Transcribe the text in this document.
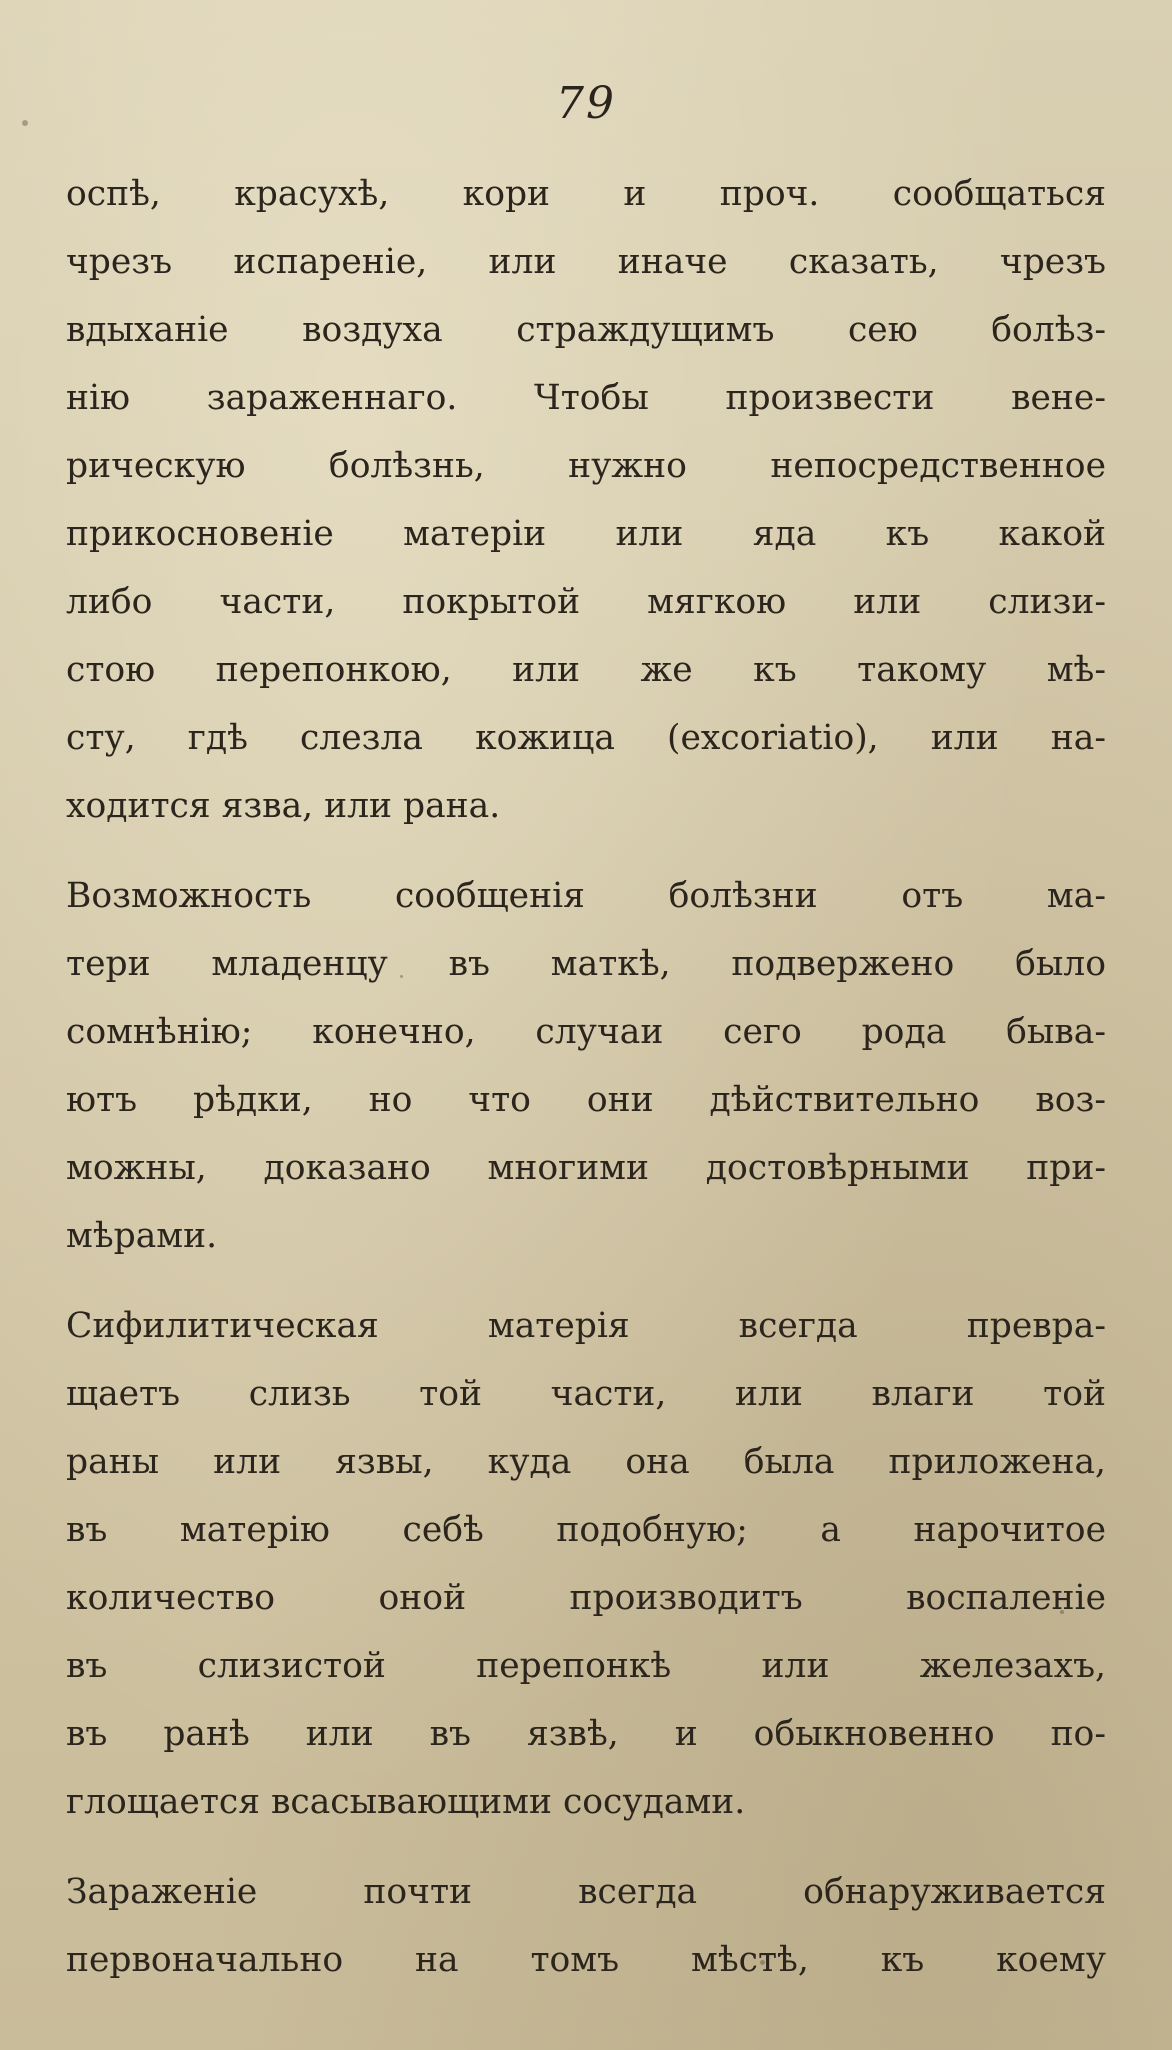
79
оспѣ, красухѣ, кори и проч. сообщаться
чрезъ испареніе, или иначе сказать, чрезъ
вдыханіе воздуха страждущимъ сею болѣз-
нію зараженнаго. Чтобы произвести вене-
рическую болѣзнь, нужно непосредственное
прикосновеніе матеріи или яда къ какой
либо части, покрытой мягкою или слизи-
стою перепонкою, или же къ такому мѣ-
сту, гдѣ слезла кожица (excoriatio), или на-
ходится язва, или рана.
Возможность сообщенія болѣзни отъ ма-
тери младенцу въ маткѣ, подвержено было
сомнѣнію; конечно, случаи сего рода быва-
ютъ рѣдки, но что они дѣйствительно воз-
можны, доказано многими достовѣрными при-
мѣрами.
Сифилитическая матерія всегда превра-
щаетъ слизь той части, или влаги той
раны или язвы, куда она была приложена,
въ матерію себѣ подобную; а нарочитое
количество оной производитъ воспаленіе
въ слизистой перепонкѣ или железахъ,
въ ранѣ или въ язвѣ, и обыкновенно по-
глощается всасывающими сосудами.
Зараженіе почти всегда обнаруживается
первоначально на томъ мѣстѣ, къ коему
